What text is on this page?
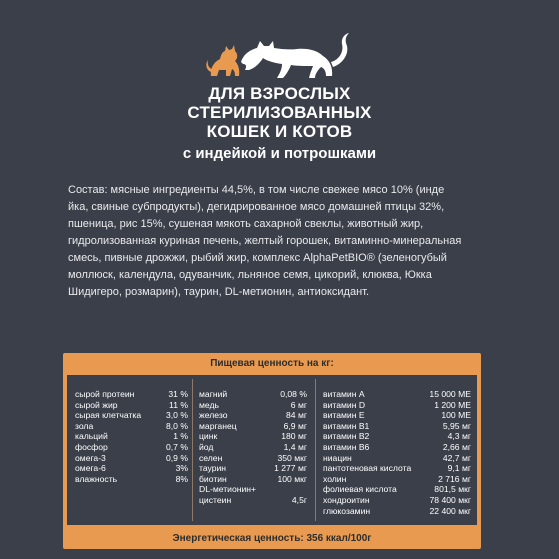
ДЛЯ ВЗРОСЛЫХ
СТЕРИЛИЗОВАННЫХ
КОШЕК И КОТОВ
с индейкой и потрошками
Состав: мясные ингредиенты 44,5%, в том числе свежее мясо 10% (инде
йка, свиные субпродукты), дегидрированное мясо домашней птицы 32%,
пшеница, рис 15%, сушеная мякоть сахарной свеклы, животный жир,
гидролизованная куриная печень, желтый горошек, витаминно-минеральная
смесь, пивные дрожжи, рыбий жир, комплекс AlphaPetBIO® (зеленогубый
моллюск, календула, одуванчик, льняное семя, цикорий, клюква, Юкка
Шидигеро, розмарин), таурин, DL-метионин, антиоксидант.
Пищевая ценность на кг:
сырой протеин	31 %
сырой жир	11 %
сырая клетчатка	3,0 %
зола	8,0 %
кальций	1 %
фосфор	0,7 %
омега-3	0,9 %
омега-6	3%
влажность	8%
магний	0,08 %
медь	6 мг
железо	84 мг
марганец	6,9 мг
цинк	180 мг
йод	1,4 мг
селен	350 мкг
таурин	1 277 мг
биотин	100 мкг
DL-метионин+
цистеин	4,5г
витамин А	15 000 МЕ
витамин D	1 200 МЕ
витамин Е	100 МЕ
витамин В1	5,95 мг
витамин В2	4,3 мг
витамин В6	2,66 мг
ниацин	42,7 мг
пантотеновая кислота	9,1 мг
холин	2 716 мг
фолиевая кислота	801,5 мкг
хондроитин	78 400 мкг
глюкозамин	22 400 мкг
Энергетическая ценность: 356 ккал/100г
